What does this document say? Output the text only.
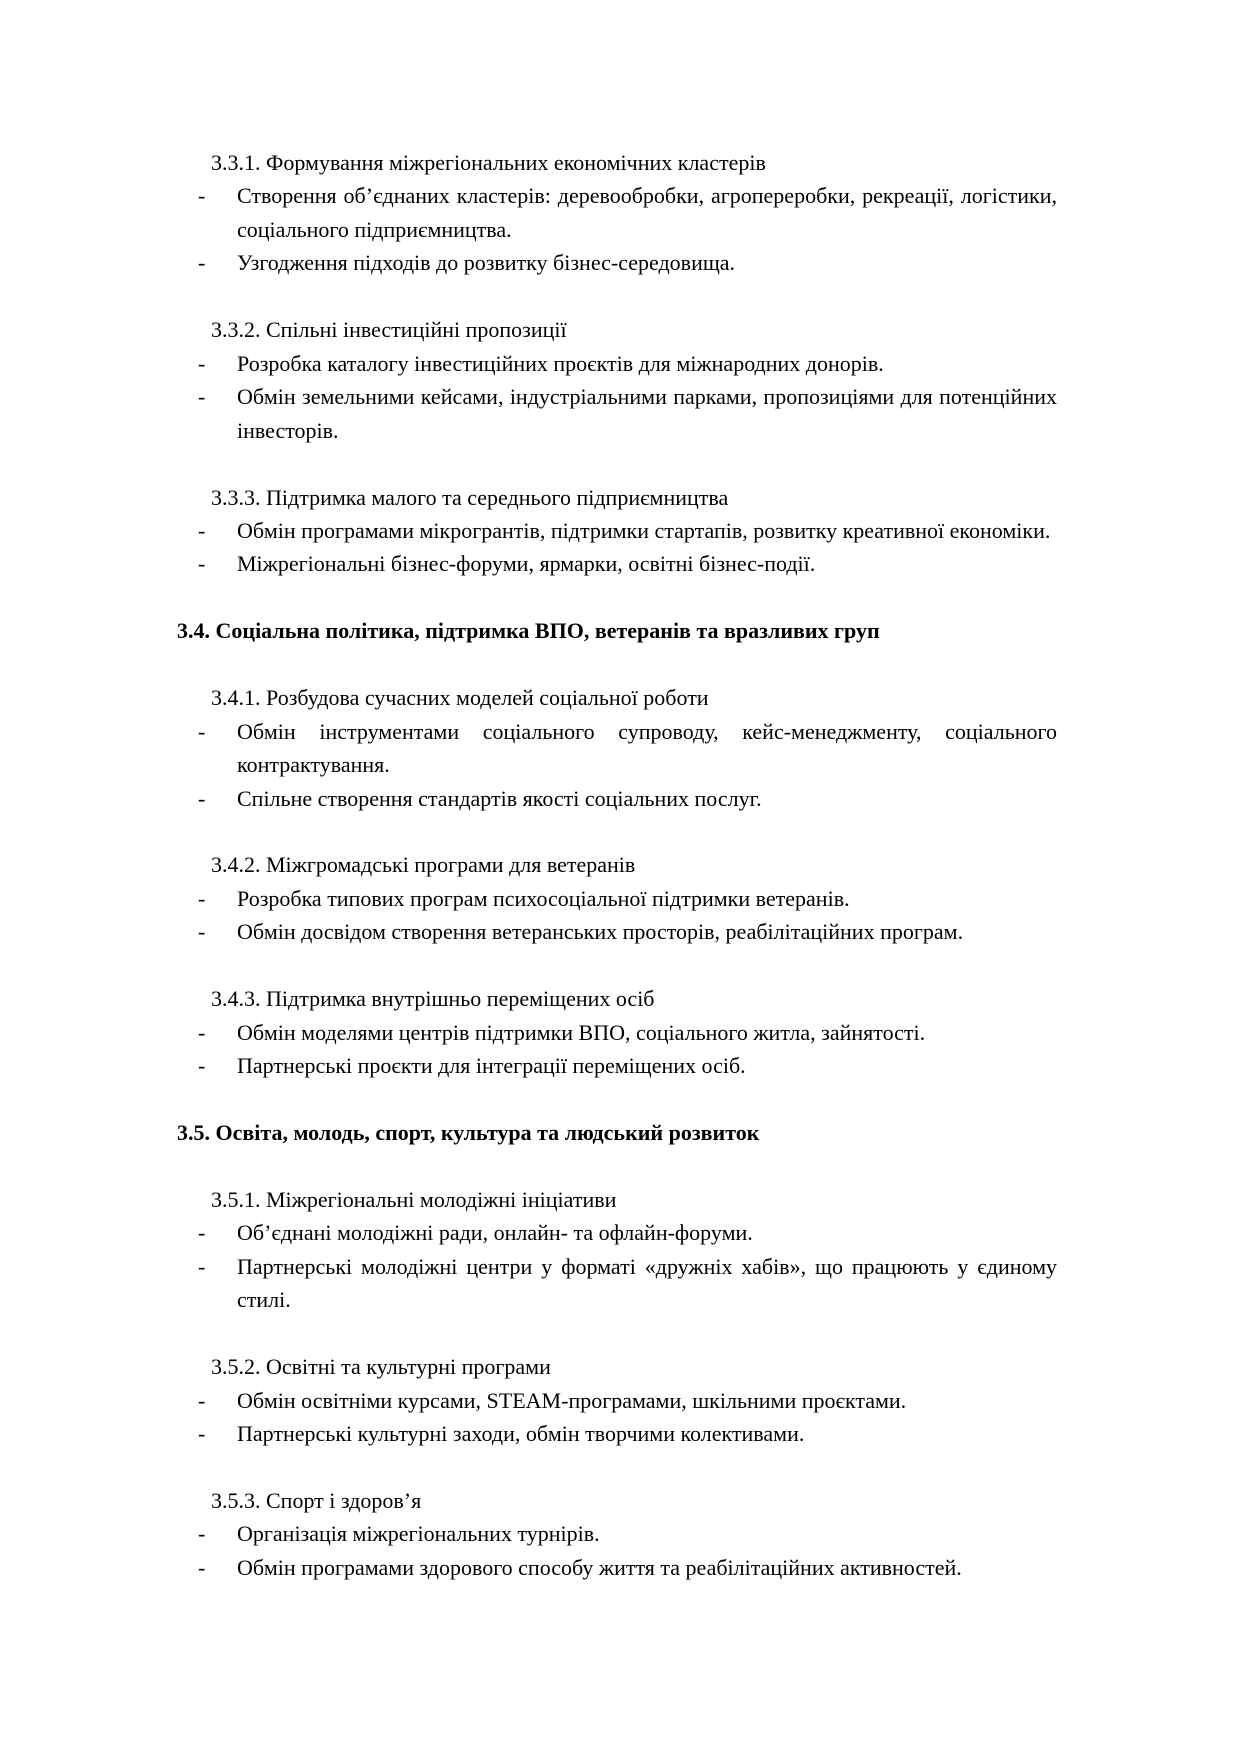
3.3.1. Формування міжрегіональних економічних кластерів

- Створення об’єднаних кластерів: деревообробки, агропереробки, рекреації, логістики, соціального підприємництва.
- Узгодження підходів до розвитку бізнес-середовища.

3.3.2. Спільні інвестиційні пропозиції

- Розробка каталогу інвестиційних проєктів для міжнародних донорів.
- Обмін земельними кейсами, індустріальними парками, пропозиціями для потенційних інвесторів.

3.3.3. Підтримка малого та середнього підприємництва

- Обмін програмами мікрогрантів, підтримки стартапів, розвитку креативної економіки.
- Міжрегіональні бізнес-форуми, ярмарки, освітні бізнес-події.

3.4. Соціальна політика, підтримка ВПО, ветеранів та вразливих груп

3.4.1. Розбудова сучасних моделей соціальної роботи

- Обмін інструментами соціального супроводу, кейс-менеджменту, соціального контрактування.
- Спільне створення стандартів якості соціальних послуг.

3.4.2. Міжгромадські програми для ветеранів

- Розробка типових програм психосоціальної підтримки ветеранів.
- Обмін досвідом створення ветеранських просторів, реабілітаційних програм.

3.4.3. Підтримка внутрішньо переміщених осіб

- Обмін моделями центрів підтримки ВПО, соціального житла, зайнятості.
- Партнерські проєкти для інтеграції переміщених осіб.

3.5. Освіта, молодь, спорт, культура та людський розвиток

3.5.1. Міжрегіональні молодіжні ініціативи

- Об’єднані молодіжні ради, онлайн- та офлайн-форуми.
- Партнерські молодіжні центри у форматі «дружніх хабів», що працюють у єдиному стилі.

3.5.2. Освітні та культурні програми

- Обмін освітніми курсами, STEAM-програмами, шкільними проєктами.
- Партнерські культурні заходи, обмін творчими колективами.

3.5.3. Спорт і здоров’я

- Організація міжрегіональних турнірів.
- Обмін програмами здорового способу життя та реабілітаційних активностей.
